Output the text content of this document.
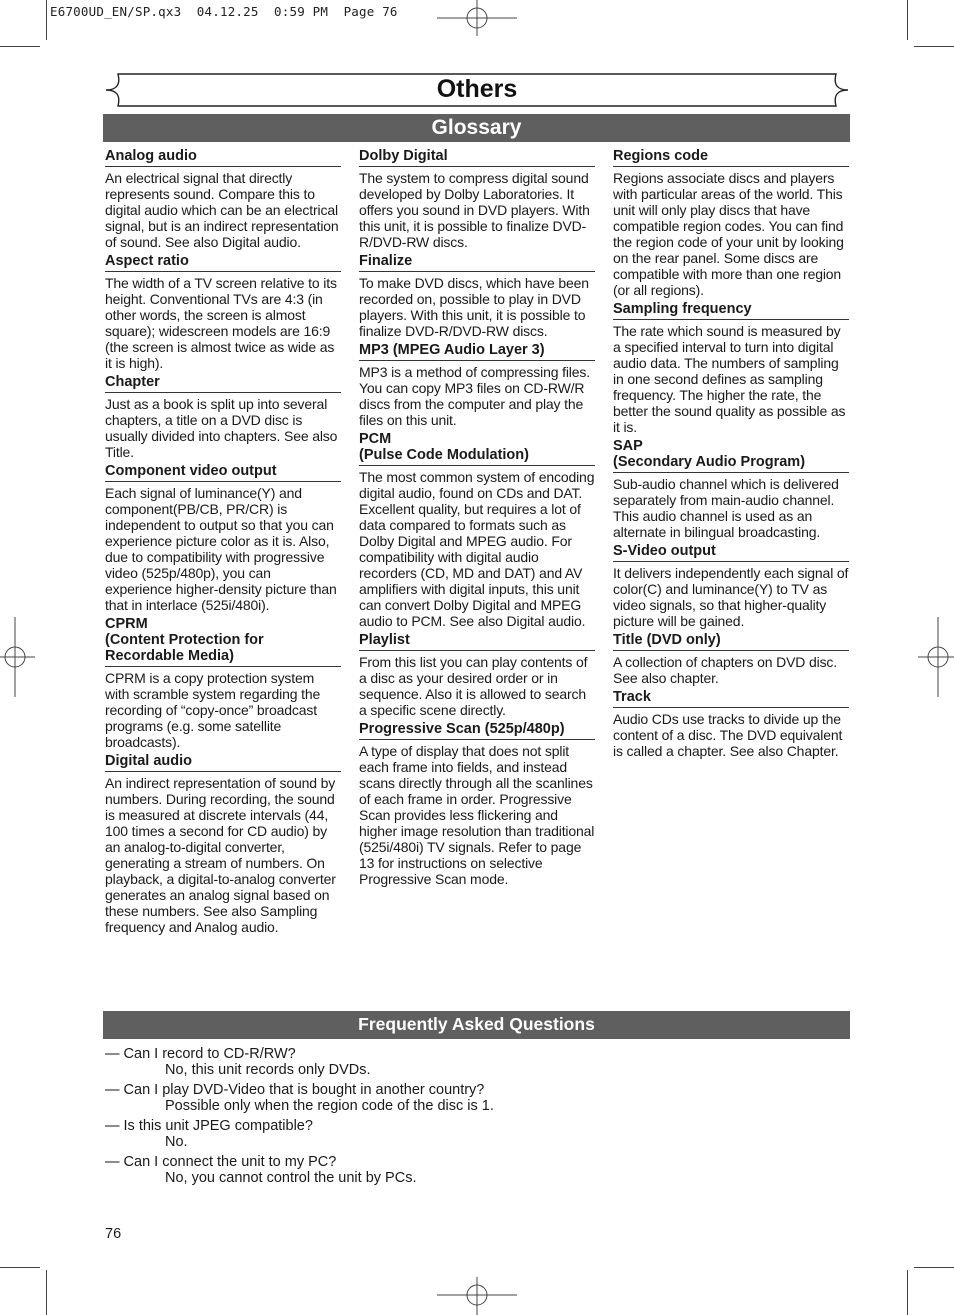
E6700UD_EN/SP.qx3  04.12.25  0:59 PM  Page 76
Others
Glossary
Analog audio
An electrical signal that directly represents sound. Compare this to digital audio which can be an electrical signal, but is an indirect representation of sound. See also Digital audio.
Aspect ratio
The width of a TV screen relative to its height. Conventional TVs are 4:3 (in other words, the screen is almost square); widescreen models are 16:9 (the screen is almost twice as wide as it is high).
Chapter
Just as a book is split up into several chapters, a title on a DVD disc is usually divided into chapters. See also Title.
Component video output
Each signal of luminance(Y) and component(PB/CB, PR/CR) is independent to output so that you can experience picture color as it is. Also, due to compatibility with progressive video (525p/480p), you can experience higher-density picture than that in interlace (525i/480i).
CPRM
(Content Protection for Recordable Media)
CPRM is a copy protection system with scramble system regarding the recording of “copy-once” broadcast programs (e.g. some satellite broadcasts).
Digital audio
An indirect representation of sound by numbers. During recording, the sound is measured at discrete intervals (44, 100 times a second for CD audio) by an analog-to-digital converter, generating a stream of numbers. On playback, a digital-to-analog converter generates an analog signal based on these numbers. See also Sampling frequency and Analog audio.
Dolby Digital
The system to compress digital sound developed by Dolby Laboratories. It offers you sound in DVD players. With this unit, it is possible to finalize DVD-R/DVD-RW discs.
Finalize
To make DVD discs, which have been recorded on, possible to play in DVD players. With this unit, it is possible to finalize DVD-R/DVD-RW discs.
MP3 (MPEG Audio Layer 3)
MP3 is a method of compressing files. You can copy MP3 files on CD-RW/R discs from the computer and play the files on this unit.
PCM
(Pulse Code Modulation)
The most common system of encoding digital audio, found on CDs and DAT. Excellent quality, but requires a lot of data compared to formats such as Dolby Digital and MPEG audio. For compatibility with digital audio recorders (CD, MD and DAT) and AV amplifiers with digital inputs, this unit can convert Dolby Digital and MPEG audio to PCM. See also Digital audio.
Playlist
From this list you can play contents of a disc as your desired order or in sequence. Also it is allowed to search a specific scene directly.
Progressive Scan (525p/480p)
A type of display that does not split each frame into fields, and instead scans directly through all the scanlines of each frame in order. Progressive Scan provides less flickering and higher image resolution than traditional (525i/480i) TV signals. Refer to page 13 for instructions on selective Progressive Scan mode.
Regions code
Regions associate discs and players with particular areas of the world. This unit will only play discs that have compatible region codes. You can find the region code of your unit by looking on the rear panel. Some discs are compatible with more than one region (or all regions).
Sampling frequency
The rate which sound is measured by a specified interval to turn into digital audio data. The numbers of sampling in one second defines as sampling frequency. The higher the rate, the better the sound quality as possible as it is.
SAP
(Secondary Audio Program)
Sub-audio channel which is delivered separately from main-audio channel. This audio channel is used as an alternate in bilingual broadcasting.
S-Video output
It delivers independently each signal of color(C) and luminance(Y) to TV as video signals, so that higher-quality picture will be gained.
Title (DVD only)
A collection of chapters on DVD disc. See also chapter.
Track
Audio CDs use tracks to divide up the content of a disc. The DVD equivalent is called a chapter. See also Chapter.
Frequently Asked Questions
— Can I record to CD-R/RW?
No, this unit records only DVDs.
— Can I play DVD-Video that is bought in another country?
Possible only when the region code of the disc is 1.
— Is this unit JPEG compatible?
No.
— Can I connect the unit to my PC?
No, you cannot control the unit by PCs.
76
